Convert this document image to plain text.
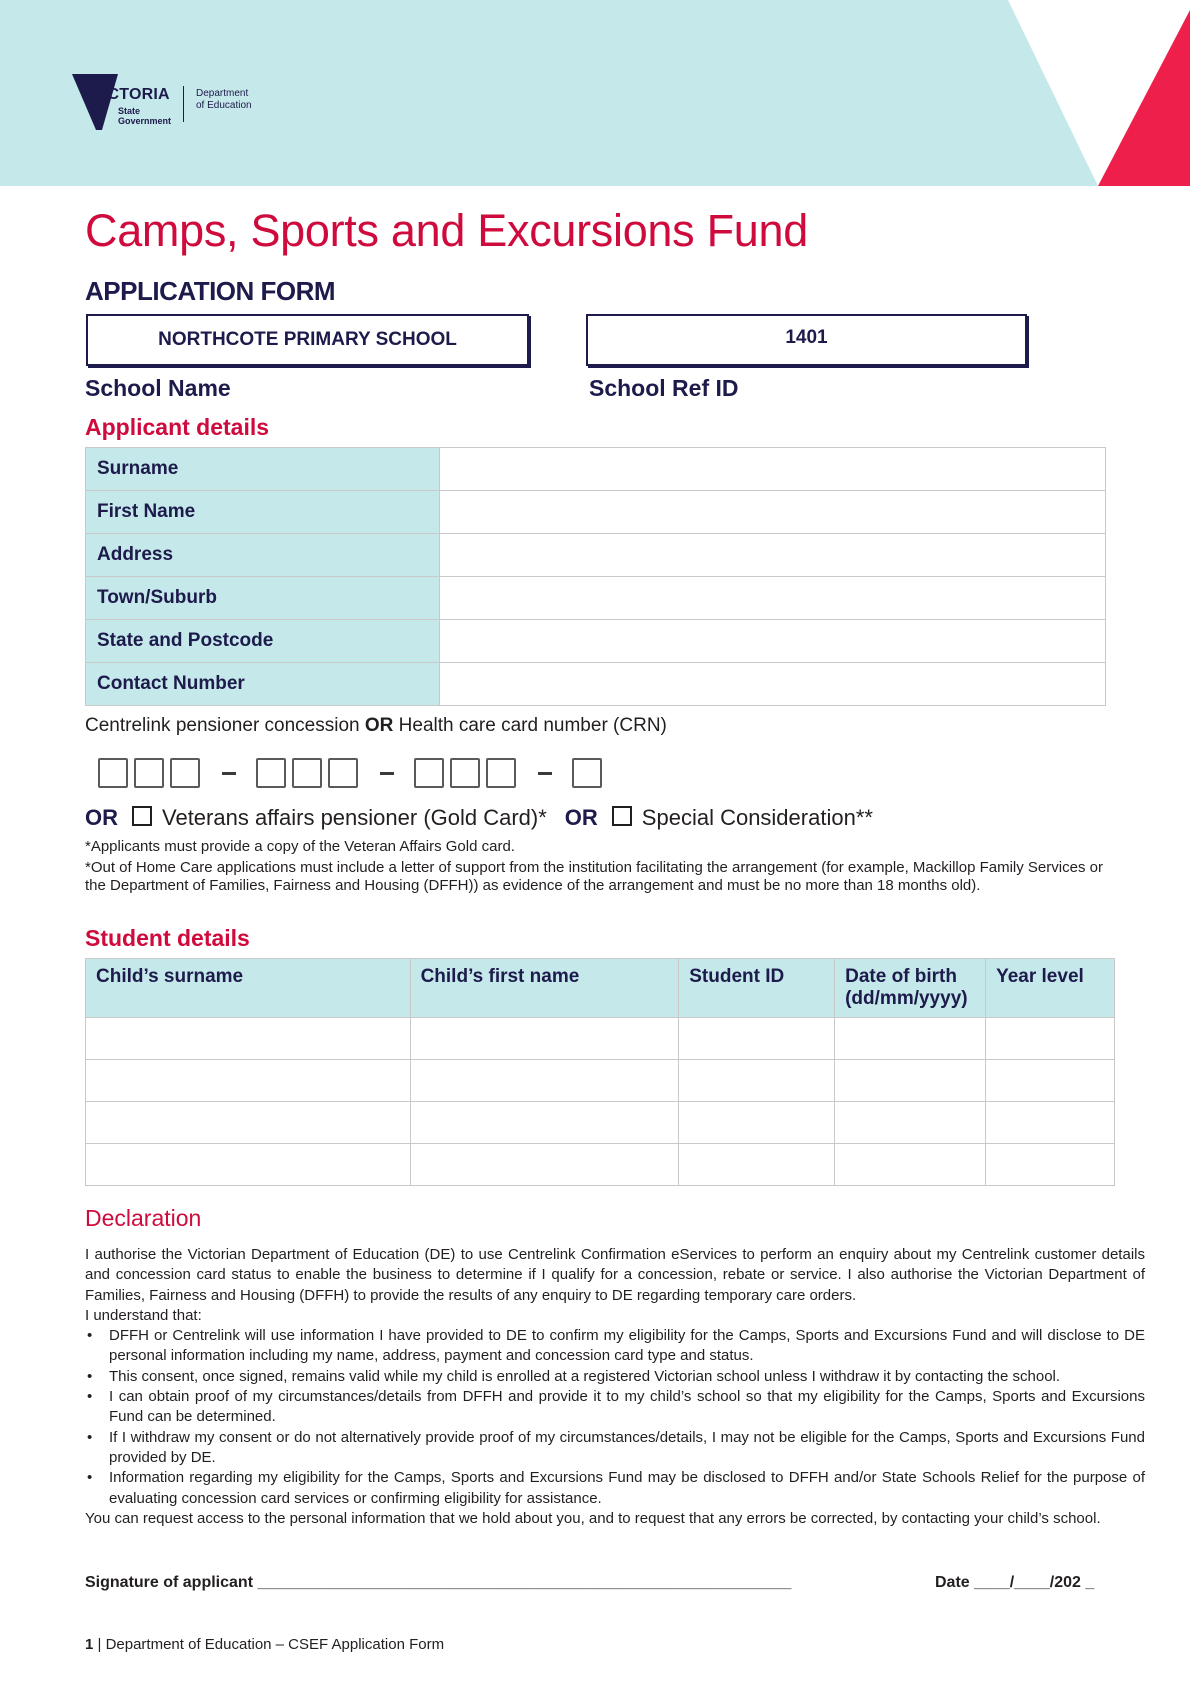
VICTORIA
State
Government
Department
of Education
Camps, Sports and Excursions Fund
APPLICATION FORM
NORTHCOTE PRIMARY SCHOOL	1401
School Name	School Ref ID
Applicant details
Surname	
First Name	
Address	
Town/Suburb	
State and Postcode	
Contact Number	
Centrelink pensioner concession OR Health care card number (CRN)
OR Veterans affairs pensioner (Gold Card)* OR Special Consideration**
*Applicants must provide a copy of the Veteran Affairs Gold card.
*Out of Home Care applications must include a letter of support from the institution facilitating the arrangement (for example, Mackillop Family Services or the Department of Families, Fairness and Housing (DFFH)) as evidence of the arrangement and must be no more than 18 months old).
Student details
Child’s surname	Child’s first name	Student ID	Date of birth (dd/mm/yyyy)	Year level

Declaration

I authorise the Victorian Department of Education (DE) to use Centrelink Confirmation eServices to perform an enquiry about my Centrelink customer details and concession card status to enable the business to determine if I qualify for a concession, rebate or service. I also authorise the Victorian Department of Families, Fairness and Housing (DFFH) to provide the results of any enquiry to DE regarding temporary care orders.

I understand that:

• DFFH or Centrelink will use information I have provided to DE to confirm my eligibility for the Camps, Sports and Excursions Fund and will disclose to DE personal information including my name, address, payment and concession card type and status.
• This consent, once signed, remains valid while my child is enrolled at a registered Victorian school unless I withdraw it by contacting the school.
• I can obtain proof of my circumstances/details from DFFH and provide it to my child’s school so that my eligibility for the Camps, Sports and Excursions Fund can be determined.
• If I withdraw my consent or do not alternatively provide proof of my circumstances/details, I may not be eligible for the Camps, Sports and Excursions Fund provided by DE.
• Information regarding my eligibility for the Camps, Sports and Excursions Fund may be disclosed to DFFH and/or State Schools Relief for the purpose of evaluating concession card services or confirming eligibility for assistance.

You can request access to the personal information that we hold about you, and to request that any errors be corrected, by contacting your child’s school.

Signature of applicant ____________________________________________________________	Date ____/____/202 _
1 | Department of Education – CSEF Application Form
